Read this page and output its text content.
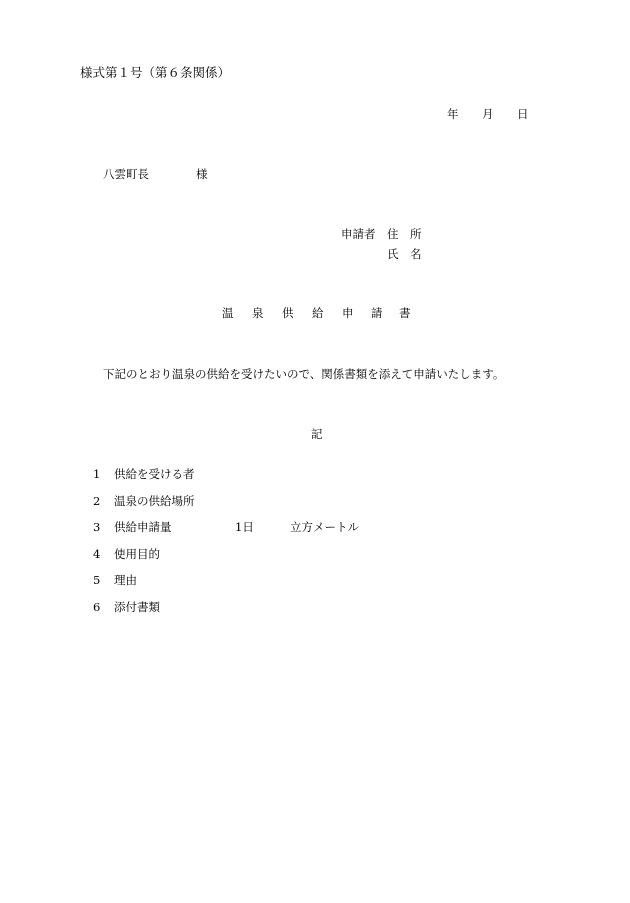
様式第１号（第６条関係）
年 月 日
八雲町長	様
申請者 住　所
氏　名
温 泉 供 給 申 請 書
下記のとおり温泉の供給を受けたいので、関係書類を添えて申請いたします。
記
1 供給を受ける者
2 温泉の供給場所
3 供給申請量	1日	立方メートル
4 使用目的
5 理由
6 添付書類
